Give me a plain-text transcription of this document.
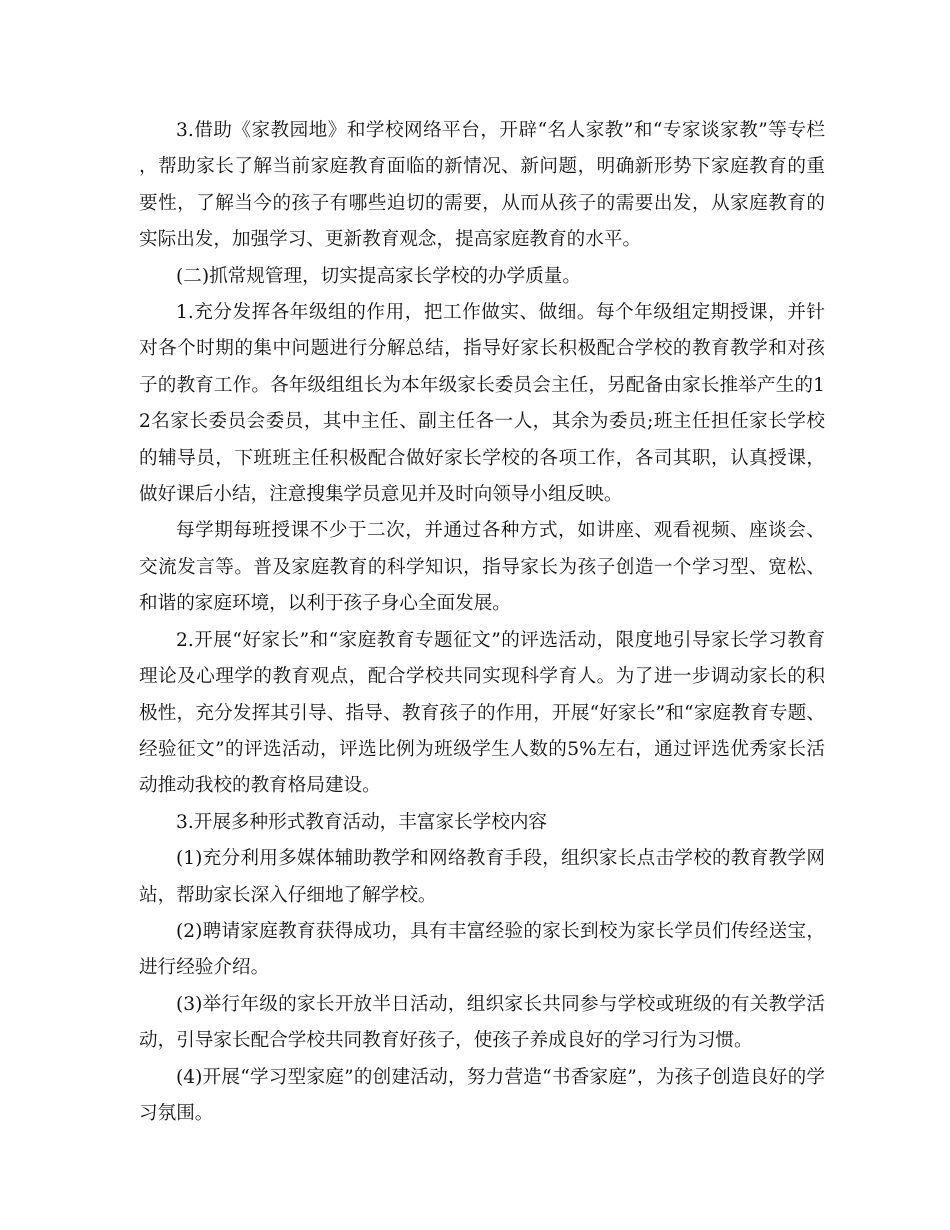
3.借助《家教园地》和学校网络平台，开辟“名人家教”和“专家谈家教”等专栏，帮助家长了解当前家庭教育面临的新情况、新问题，明确新形势下家庭教育的重要性，了解当今的孩子有哪些迫切的需要，从而从孩子的需要出发，从家庭教育的实际出发，加强学习、更新教育观念，提高家庭教育的水平。

(二)抓常规管理，切实提高家长学校的办学质量。

1.充分发挥各年级组的作用，把工作做实、做细。每个年级组定期授课，并针对各个时期的集中问题进行分解总结，指导好家长积极配合学校的教育教学和对孩子的教育工作。各年级组组长为本年级家长委员会主任，另配备由家长推举产生的12名家长委员会委员，其中主任、副主任各一人，其余为委员;班主任担任家长学校的辅导员，下班班主任积极配合做好家长学校的各项工作，各司其职，认真授课，做好课后小结，注意搜集学员意见并及时向领导小组反映。

每学期每班授课不少于二次，并通过各种方式，如讲座、观看视频、座谈会、交流发言等。普及家庭教育的科学知识，指导家长为孩子创造一个学习型、宽松、和谐的家庭环境，以利于孩子身心全面发展。

2.开展“好家长”和“家庭教育专题征文”的评选活动，限度地引导家长学习教育理论及心理学的教育观点，配合学校共同实现科学育人。为了进一步调动家长的积极性，充分发挥其引导、指导、教育孩子的作用，开展“好家长”和“家庭教育专题、经验征文”的评选活动，评选比例为班级学生人数的5%左右，通过评选优秀家长活动推动我校的教育格局建设。

3.开展多种形式教育活动，丰富家长学校内容

(1)充分利用多媒体辅助教学和网络教育手段，组织家长点击学校的教育教学网站，帮助家长深入仔细地了解学校。

(2)聘请家庭教育获得成功，具有丰富经验的家长到校为家长学员们传经送宝，进行经验介绍。

(3)举行年级的家长开放半日活动，组织家长共同参与学校或班级的有关教学活动，引导家长配合学校共同教育好孩子，使孩子养成良好的学习行为习惯。

(4)开展“学习型家庭”的创建活动，努力营造“书香家庭”，为孩子创造良好的学习氛围。
